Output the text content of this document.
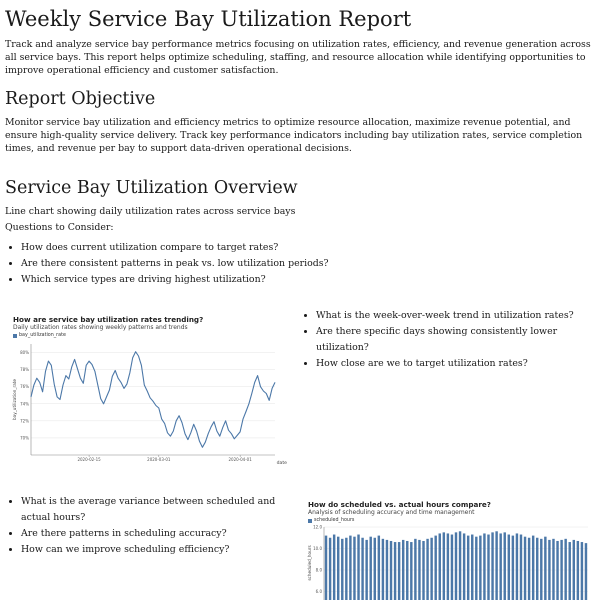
Weekly Service Bay Utilization Report

Track and analyze service bay performance metrics focusing on utilization rates, efficiency, and revenue generation across all service bays. This report helps optimize scheduling, staffing, and resource allocation while identifying opportunities to improve operational efficiency and customer satisfaction.

Report Objective

Monitor service bay utilization and efficiency metrics to optimize resource allocation, maximize revenue potential, and ensure high-quality service delivery. Track key performance indicators including bay utilization rates, service completion times, and revenue per bay to support data-driven operational decisions.

Service Bay Utilization Overview

Line chart showing daily utilization rates across service bays

Questions to Consider:

• How does current utilization compare to target rates?
• Are there consistent patterns in peak vs. low utilization periods?
• Which service types are driving highest utilization?
How are service bay utilization rates trending?
Daily utilization rates showing weekly patterns and trends
bay_utilization_rate
70%
72%
74%
76%
78%
80%
2020-02-15	2020-03-01	2020-04-01
bay_utilization_rate
date
• What is the week-over-week trend in utilization rates?
• Are there specific days showing consistently lower utilization?
• How close are we to target utilization rates?
• What is the average variance between scheduled and actual hours?
• Are there patterns in scheduling accuracy?
• How can we improve scheduling efficiency?
How do scheduled vs. actual hours compare?
Analysis of scheduling accuracy and time management
scheduled_hours
6.0
8.0
10.0
12.0
scheduled_hours
